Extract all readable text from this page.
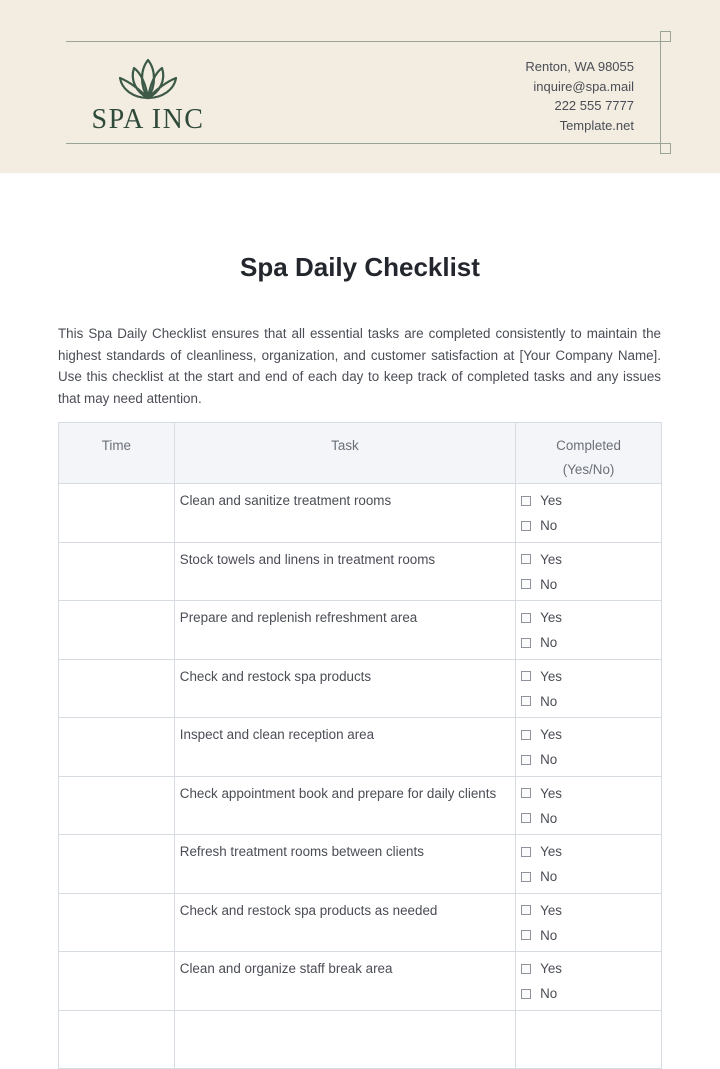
SPA INC
Renton, WA 98055
inquire@spa.mail
222 555 7777
Template.net
Spa Daily Checklist
This Spa Daily Checklist ensures that all essential tasks are completed consistently to maintain the highest standards of cleanliness, organization, and customer satisfaction at [Your Company Name]. Use this checklist at the start and end of each day to keep track of completed tasks and any issues that may need attention.
Time	Task	Completed (Yes/No)
	Clean and sanitize treatment rooms	Yes
No

	Stock towels and linens in treatment rooms	Yes
No

	Prepare and replenish refreshment area	Yes
No

	Check and restock spa products	Yes
No

	Inspect and clean reception area	Yes
No

	Check appointment book and prepare for daily clients	Yes
No

	Refresh treatment rooms between clients	Yes
No

	Check and restock spa products as needed	Yes
No

	Clean and organize staff break area	Yes
No
